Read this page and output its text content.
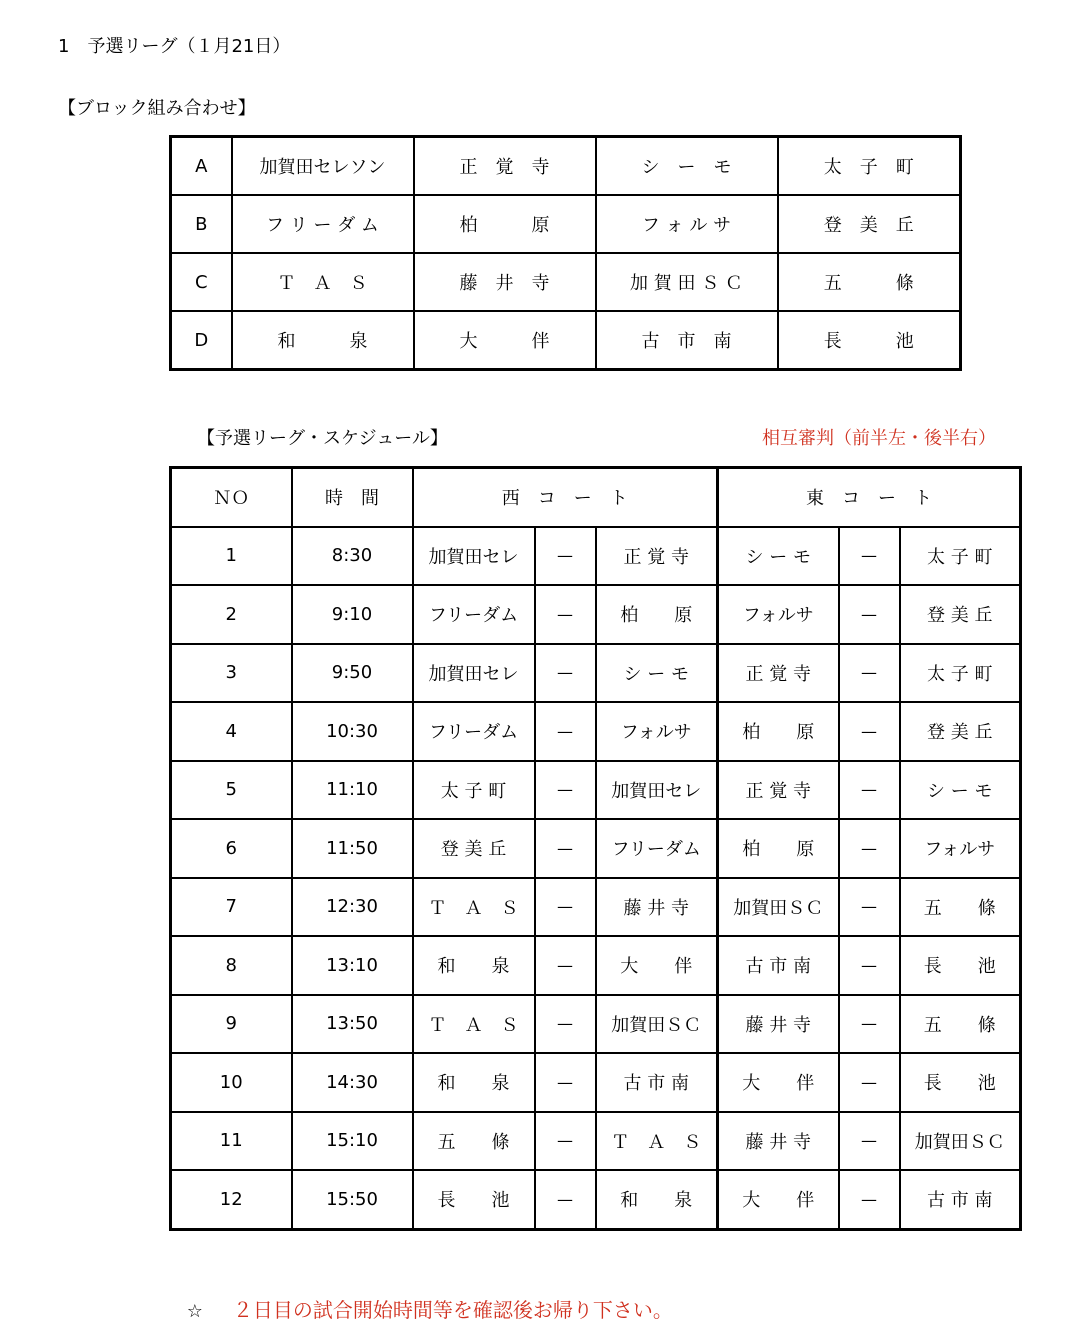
1　予選リーグ（１月21日）
【ブロック組み合わせ】
A	加賀田セレソン	正　覚　寺	シ　ー　モ	太　子　町
B	フ リ ー ダ ム	柏　　　原	フ ォ ル サ	登　美　丘
C	Ｔ　Ａ　Ｓ	藤　井　寺	加 賀 田 Ｓ Ｃ	五　　　條
D	和　　　泉	大　　　伴	古　市　南	長　　　池
【予選リーグ・スケジュール】	相互審判（前半左・後半右）
ＮＯ	時　間	西　コ　ー　ト			東　コ　ー　ト		
1	8:30	加賀田セレ	—	正 覚 寺	シ ー モ	—	太 子 町
2	9:10	フリーダム	—	柏　　原	フォルサ	—	登 美 丘
3	9:50	加賀田セレ	—	シ ー モ	正 覚 寺	—	太 子 町
4	10:30	フリーダム	—	フォルサ	柏　　原	—	登 美 丘
5	11:10	太 子 町	—	加賀田セレ	正 覚 寺	—	シ ー モ
6	11:50	登 美 丘	—	フリーダム	柏　　原	—	フォルサ
7	12:30	Ｔ　Ａ　Ｓ	—	藤 井 寺	加賀田ＳＣ	—	五　　條
8	13:10	和　　泉	—	大　　伴	古 市 南	—	長　　池
9	13:50	Ｔ　Ａ　Ｓ	—	加賀田ＳＣ	藤 井 寺	—	五　　條
10	14:30	和　　泉	—	古 市 南	大　　伴	—	長　　池
11	15:10	五　　條	—	Ｔ　Ａ　Ｓ	藤 井 寺	—	加賀田ＳＣ
12	15:50	長　　池	—	和　　泉	大　　伴	—	古 市 南

☆ ２日目の試合開始時間等を確認後お帰り下さい。
